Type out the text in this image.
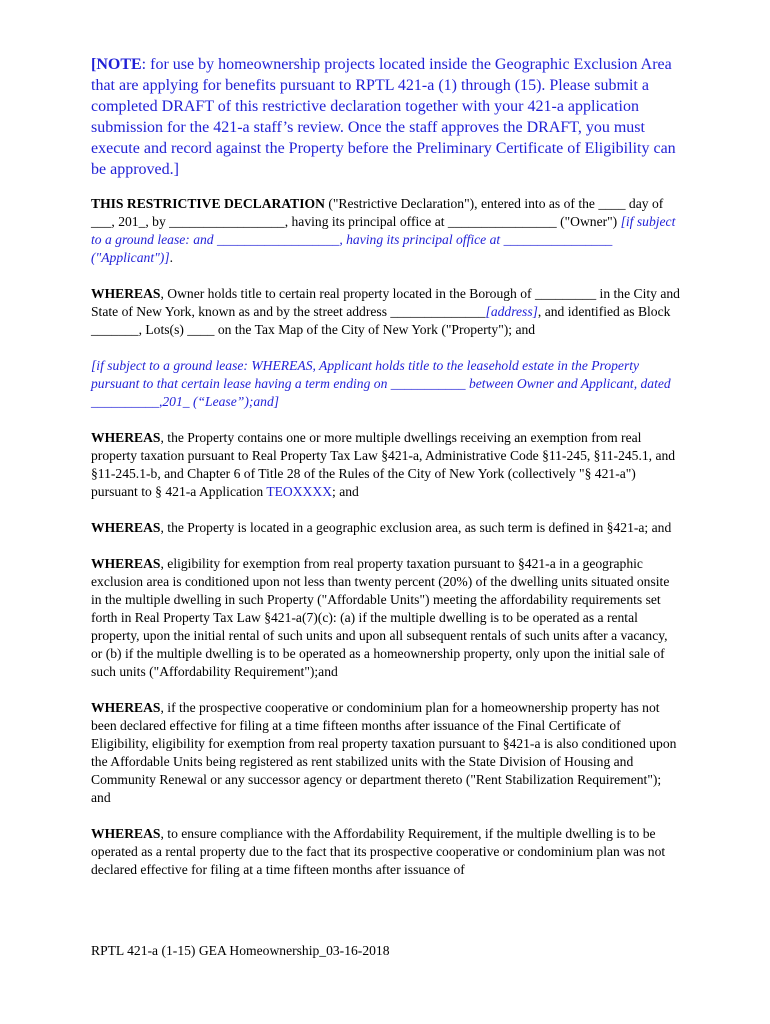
[NOTE: for use by homeownership projects located inside the Geographic Exclusion Area that are applying for benefits pursuant to RPTL 421-a (1) through (15). Please submit a completed DRAFT of this restrictive declaration together with your 421-a application submission for the 421-a staff’s review. Once the staff approves the DRAFT, you must execute and record against the Property before the Preliminary Certificate of Eligibility can be approved.]

THIS RESTRICTIVE DECLARATION ("Restrictive Declaration"), entered into as of the ____ day of ___, 201_, by _________________, having its principal office at ________________ ("Owner") [if subject to a ground lease: and __________________, having its principal office at ________________ ("Applicant")].

WHEREAS, Owner holds title to certain real property located in the Borough of _________ in the City and State of New York, known as and by the street address ______________[address], and identified as Block _______, Lots(s) ____ on the Tax Map of the City of New York ("Property"); and

[if subject to a ground lease: WHEREAS, Applicant holds title to the leasehold estate in the Property pursuant to that certain lease having a term ending on ___________ between Owner and Applicant, dated __________,201_ (“Lease”);and]

WHEREAS, the Property contains one or more multiple dwellings receiving an exemption from real property taxation pursuant to Real Property Tax Law §421-a, Administrative Code §11-245, §11-245.1, and §11-245.1-b, and Chapter 6 of Title 28 of the Rules of the City of New York (collectively "§ 421-a") pursuant to § 421-a Application TEOXXXX; and

WHEREAS, the Property is located in a geographic exclusion area, as such term is defined in §421-a; and

WHEREAS, eligibility for exemption from real property taxation pursuant to §421-a in a geographic exclusion area is conditioned upon not less than twenty percent (20%) of the dwelling units situated onsite in the multiple dwelling in such Property ("Affordable Units") meeting the affordability requirements set forth in Real Property Tax Law §421-a(7)(c): (a) if the multiple dwelling is to be operated as a rental property, upon the initial rental of such units and upon all subsequent rentals of such units after a vacancy, or (b) if the multiple dwelling is to be operated as a homeownership property, only upon the initial sale of such units ("Affordability Requirement");and

WHEREAS, if the prospective cooperative or condominium plan for a homeownership property has not been declared effective for filing at a time fifteen months after issuance of the Final Certificate of Eligibility, eligibility for exemption from real property taxation pursuant to §421-a is also conditioned upon the Affordable Units being registered as rent stabilized units with the State Division of Housing and Community Renewal or any successor agency or department thereto ("Rent Stabilization Requirement"); and

WHEREAS, to ensure compliance with the Affordability Requirement, if the multiple dwelling is to be operated as a rental property due to the fact that its prospective cooperative or condominium plan was not declared effective for filing at a time fifteen months after issuance of

RPTL 421-a (1-15) GEA Homeownership_03-16-2018
